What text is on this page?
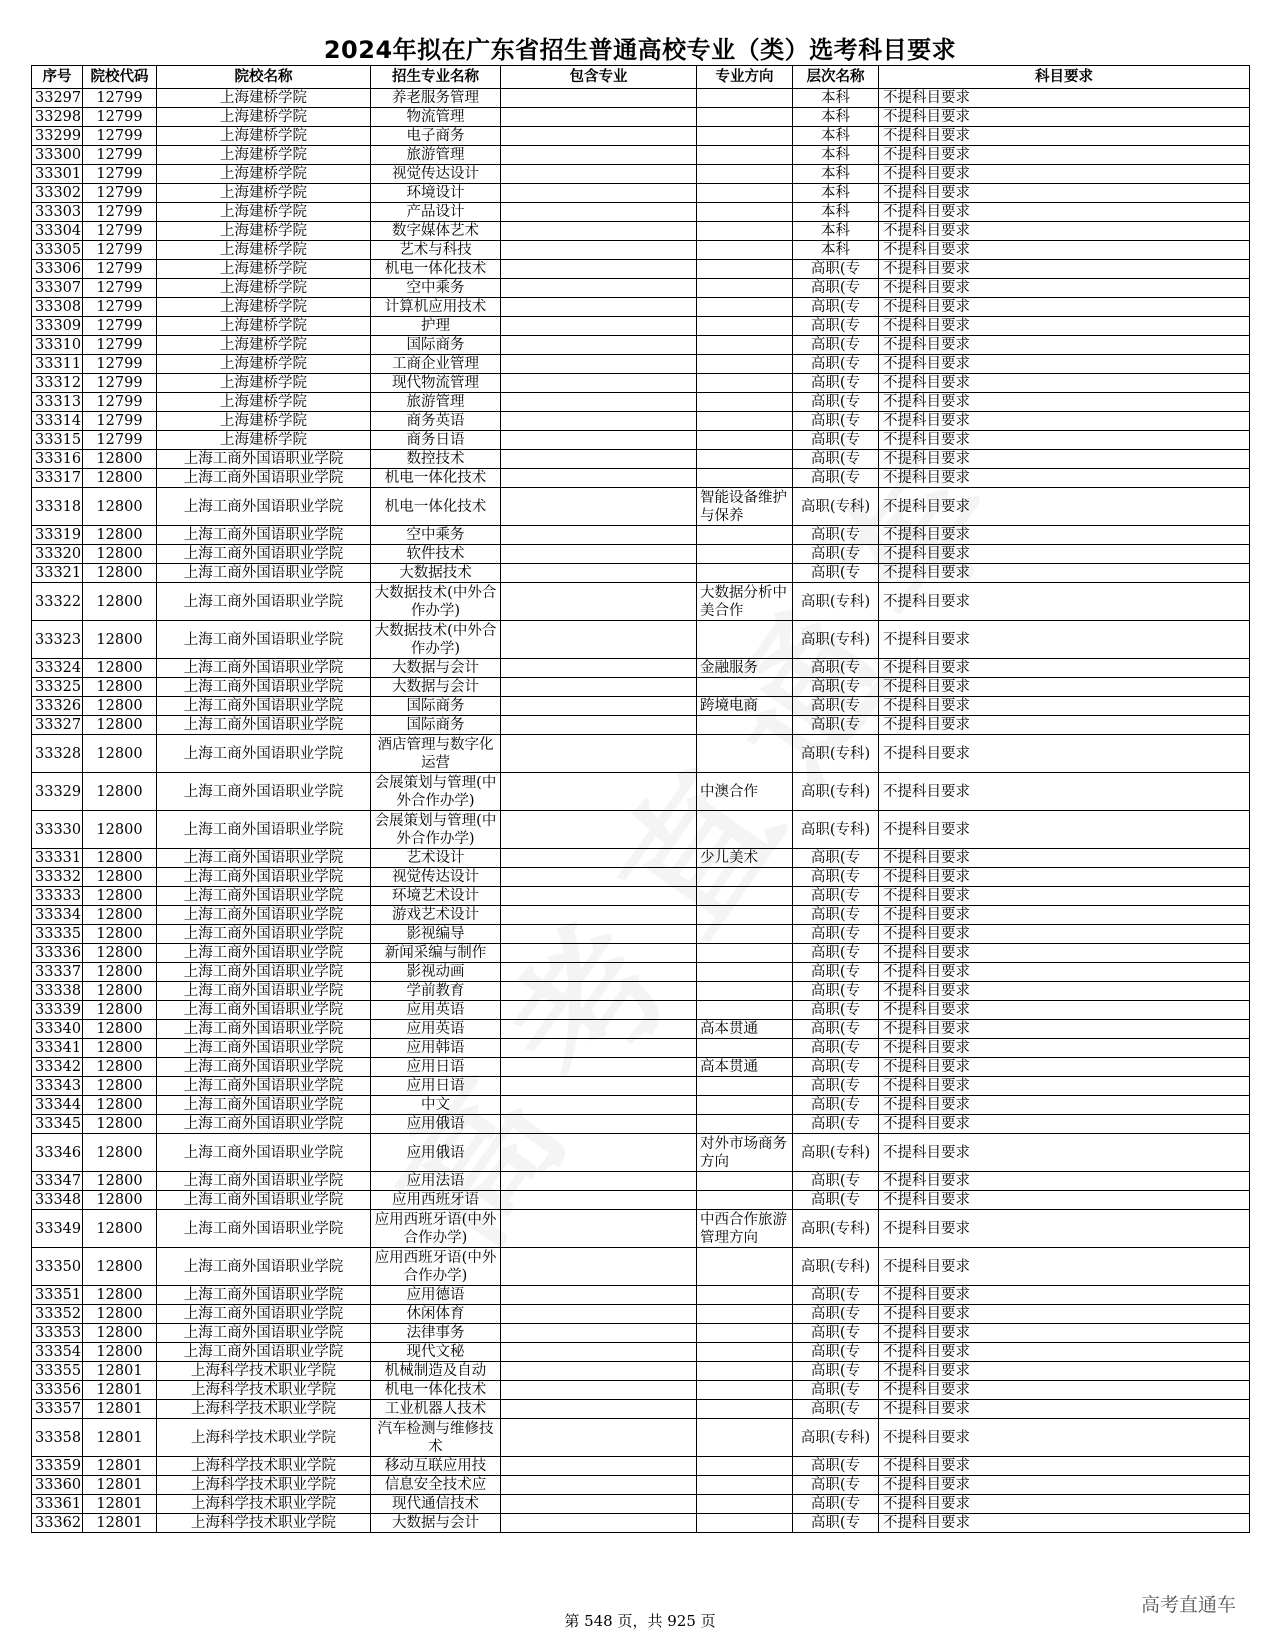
2024年拟在广东省招生普通高校专业（类）选考科目要求
序号	院校代码	院校名称	招生专业名称	包含专业	专业方向	层次名称	科目要求
33297	12799	上海建桥学院	养老服务管理			本科	不提科目要求
33298	12799	上海建桥学院	物流管理			本科	不提科目要求
33299	12799	上海建桥学院	电子商务			本科	不提科目要求
33300	12799	上海建桥学院	旅游管理			本科	不提科目要求
33301	12799	上海建桥学院	视觉传达设计			本科	不提科目要求
33302	12799	上海建桥学院	环境设计			本科	不提科目要求
33303	12799	上海建桥学院	产品设计			本科	不提科目要求
33304	12799	上海建桥学院	数字媒体艺术			本科	不提科目要求
33305	12799	上海建桥学院	艺术与科技			本科	不提科目要求
33306	12799	上海建桥学院	机电一体化技术			高职(专	不提科目要求
33307	12799	上海建桥学院	空中乘务			高职(专	不提科目要求
33308	12799	上海建桥学院	计算机应用技术			高职(专	不提科目要求
33309	12799	上海建桥学院	护理			高职(专	不提科目要求
33310	12799	上海建桥学院	国际商务			高职(专	不提科目要求
33311	12799	上海建桥学院	工商企业管理			高职(专	不提科目要求
33312	12799	上海建桥学院	现代物流管理			高职(专	不提科目要求
33313	12799	上海建桥学院	旅游管理			高职(专	不提科目要求
33314	12799	上海建桥学院	商务英语			高职(专	不提科目要求
33315	12799	上海建桥学院	商务日语			高职(专	不提科目要求
33316	12800	上海工商外国语职业学院	数控技术			高职(专	不提科目要求
33317	12800	上海工商外国语职业学院	机电一体化技术			高职(专	不提科目要求
33318	12800	上海工商外国语职业学院	机电一体化技术		智能设备维护与保养	高职(专科)	不提科目要求
33319	12800	上海工商外国语职业学院	空中乘务			高职(专	不提科目要求
33320	12800	上海工商外国语职业学院	软件技术			高职(专	不提科目要求
33321	12800	上海工商外国语职业学院	大数据技术			高职(专	不提科目要求
33322	12800	上海工商外国语职业学院	大数据技术(中外合作办学)		大数据分析中美合作	高职(专科)	不提科目要求
33323	12800	上海工商外国语职业学院	大数据技术(中外合作办学)			高职(专科)	不提科目要求
33324	12800	上海工商外国语职业学院	大数据与会计		金融服务	高职(专	不提科目要求
33325	12800	上海工商外国语职业学院	大数据与会计			高职(专	不提科目要求
33326	12800	上海工商外国语职业学院	国际商务		跨境电商	高职(专	不提科目要求
33327	12800	上海工商外国语职业学院	国际商务			高职(专	不提科目要求
33328	12800	上海工商外国语职业学院	酒店管理与数字化运营			高职(专科)	不提科目要求
33329	12800	上海工商外国语职业学院	会展策划与管理(中外合作办学)		中澳合作	高职(专科)	不提科目要求
33330	12800	上海工商外国语职业学院	会展策划与管理(中外合作办学)			高职(专科)	不提科目要求
33331	12800	上海工商外国语职业学院	艺术设计		少儿美术	高职(专	不提科目要求
33332	12800	上海工商外国语职业学院	视觉传达设计			高职(专	不提科目要求
33333	12800	上海工商外国语职业学院	环境艺术设计			高职(专	不提科目要求
33334	12800	上海工商外国语职业学院	游戏艺术设计			高职(专	不提科目要求
33335	12800	上海工商外国语职业学院	影视编导			高职(专	不提科目要求
33336	12800	上海工商外国语职业学院	新闻采编与制作			高职(专	不提科目要求
33337	12800	上海工商外国语职业学院	影视动画			高职(专	不提科目要求
33338	12800	上海工商外国语职业学院	学前教育			高职(专	不提科目要求
33339	12800	上海工商外国语职业学院	应用英语			高职(专	不提科目要求
33340	12800	上海工商外国语职业学院	应用英语		高本贯通	高职(专	不提科目要求
33341	12800	上海工商外国语职业学院	应用韩语			高职(专	不提科目要求
33342	12800	上海工商外国语职业学院	应用日语		高本贯通	高职(专	不提科目要求
33343	12800	上海工商外国语职业学院	应用日语			高职(专	不提科目要求
33344	12800	上海工商外国语职业学院	中文			高职(专	不提科目要求
33345	12800	上海工商外国语职业学院	应用俄语			高职(专	不提科目要求
33346	12800	上海工商外国语职业学院	应用俄语		对外市场商务方向	高职(专科)	不提科目要求
33347	12800	上海工商外国语职业学院	应用法语			高职(专	不提科目要求
33348	12800	上海工商外国语职业学院	应用西班牙语			高职(专	不提科目要求
33349	12800	上海工商外国语职业学院	应用西班牙语(中外合作办学)		中西合作旅游管理方向	高职(专科)	不提科目要求
33350	12800	上海工商外国语职业学院	应用西班牙语(中外合作办学)			高职(专科)	不提科目要求
33351	12800	上海工商外国语职业学院	应用德语			高职(专	不提科目要求
33352	12800	上海工商外国语职业学院	休闲体育			高职(专	不提科目要求
33353	12800	上海工商外国语职业学院	法律事务			高职(专	不提科目要求
33354	12800	上海工商外国语职业学院	现代文秘			高职(专	不提科目要求
33355	12801	上海科学技术职业学院	机械制造及自动			高职(专	不提科目要求
33356	12801	上海科学技术职业学院	机电一体化技术			高职(专	不提科目要求
33357	12801	上海科学技术职业学院	工业机器人技术			高职(专	不提科目要求
33358	12801	上海科学技术职业学院	汽车检测与维修技术			高职(专科)	不提科目要求
33359	12801	上海科学技术职业学院	移动互联应用技			高职(专	不提科目要求
33360	12801	上海科学技术职业学院	信息安全技术应			高职(专	不提科目要求
33361	12801	上海科学技术职业学院	现代通信技术			高职(专	不提科目要求
33362	12801	上海科学技术职业学院	大数据与会计			高职(专	不提科目要求
第 548 页，共 925 页
高考直通车
